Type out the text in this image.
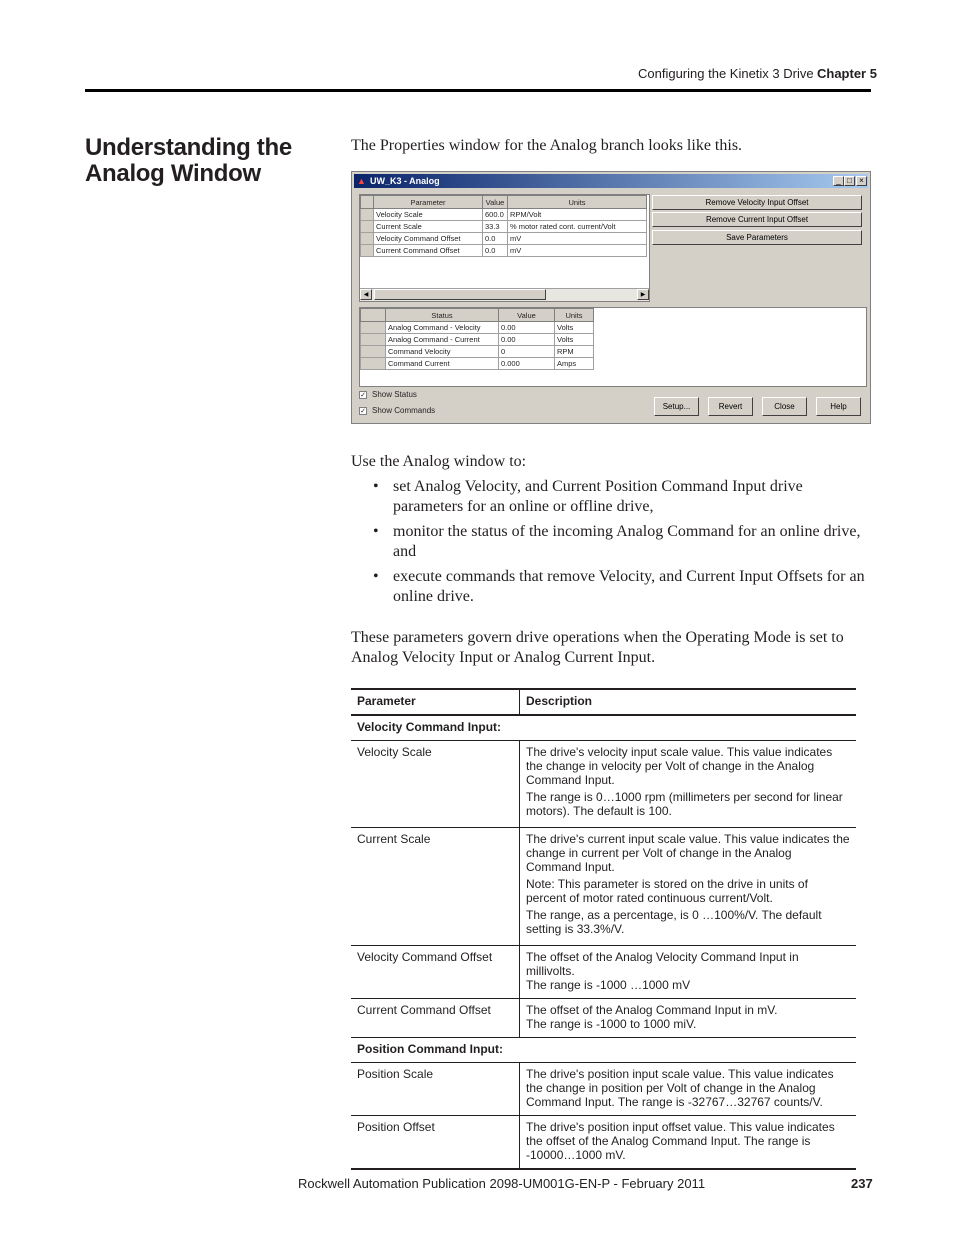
Configuring the Kinetix 3 Drive Chapter 5
Understanding the Analog Window
The Properties window for the Analog branch looks like this.
▲ UW_K3 - Analog	_ □ ×
	Parameter	Value	Units
	Velocity Scale	600.0	RPM/Volt
	Current Scale	33.3	% motor rated cont. current/Volt
	Velocity Command Offset	0.0	mV
	Current Command Offset	0.0	mV
◀	▶
Remove Velocity Input Offset
Remove Current Input Offset
Save Parameters
	Status	Value	Units
	Analog Command - Velocity	0.00	Volts
	Analog Command - Current	0.00	Volts
	Command Velocity	0	RPM
	Command Current	0.000	Amps
✓ Show Status
✓ Show Commands	Setup...	Revert	Close	Help
Use the Analog window to:
• set Analog Velocity, and Current Position Command Input drive parameters for an online or offline drive,
• monitor the status of the incoming Analog Command for an online drive, and
• execute commands that remove Velocity, and Current Input Offsets for an online drive.
These parameters govern drive operations when the Operating Mode is set to Analog Velocity Input or Analog Current Input.
Parameter	Description
Velocity Command Input:	
Velocity Scale	The drive's velocity input scale value. This value indicates the change in velocity per Volt of change in the Analog Command Input.

The range is 0…1000 rpm (millimeters per second for linear motors). The default is 100.

Current Scale	The drive's current input scale value. This value indicates the change in current per Volt of change in the Analog Command Input.

Note: This parameter is stored on the drive in units of percent of motor rated continuous current/Volt.

The range, as a percentage, is 0 …100%/V. The default setting is 33.3%/V.

Velocity Command Offset	The offset of the Analog Velocity Command Input in millivolts.
The range is -1000 …1000 mV

Current Command Offset	The offset of the Analog Command Input in mV.
The range is -1000 to 1000 miV.

Position Command Input:	
Position Scale	The drive's position input scale value. This value indicates the change in position per Volt of change in the Analog Command Input. The range is -32767…32767 counts/V.
Position Offset	The drive's position input offset value. This value indicates the offset of the Analog Command Input. The range is -10000…1000 mV.
Rockwell Automation Publication 2098-UM001G-EN-P - February 2011	237
